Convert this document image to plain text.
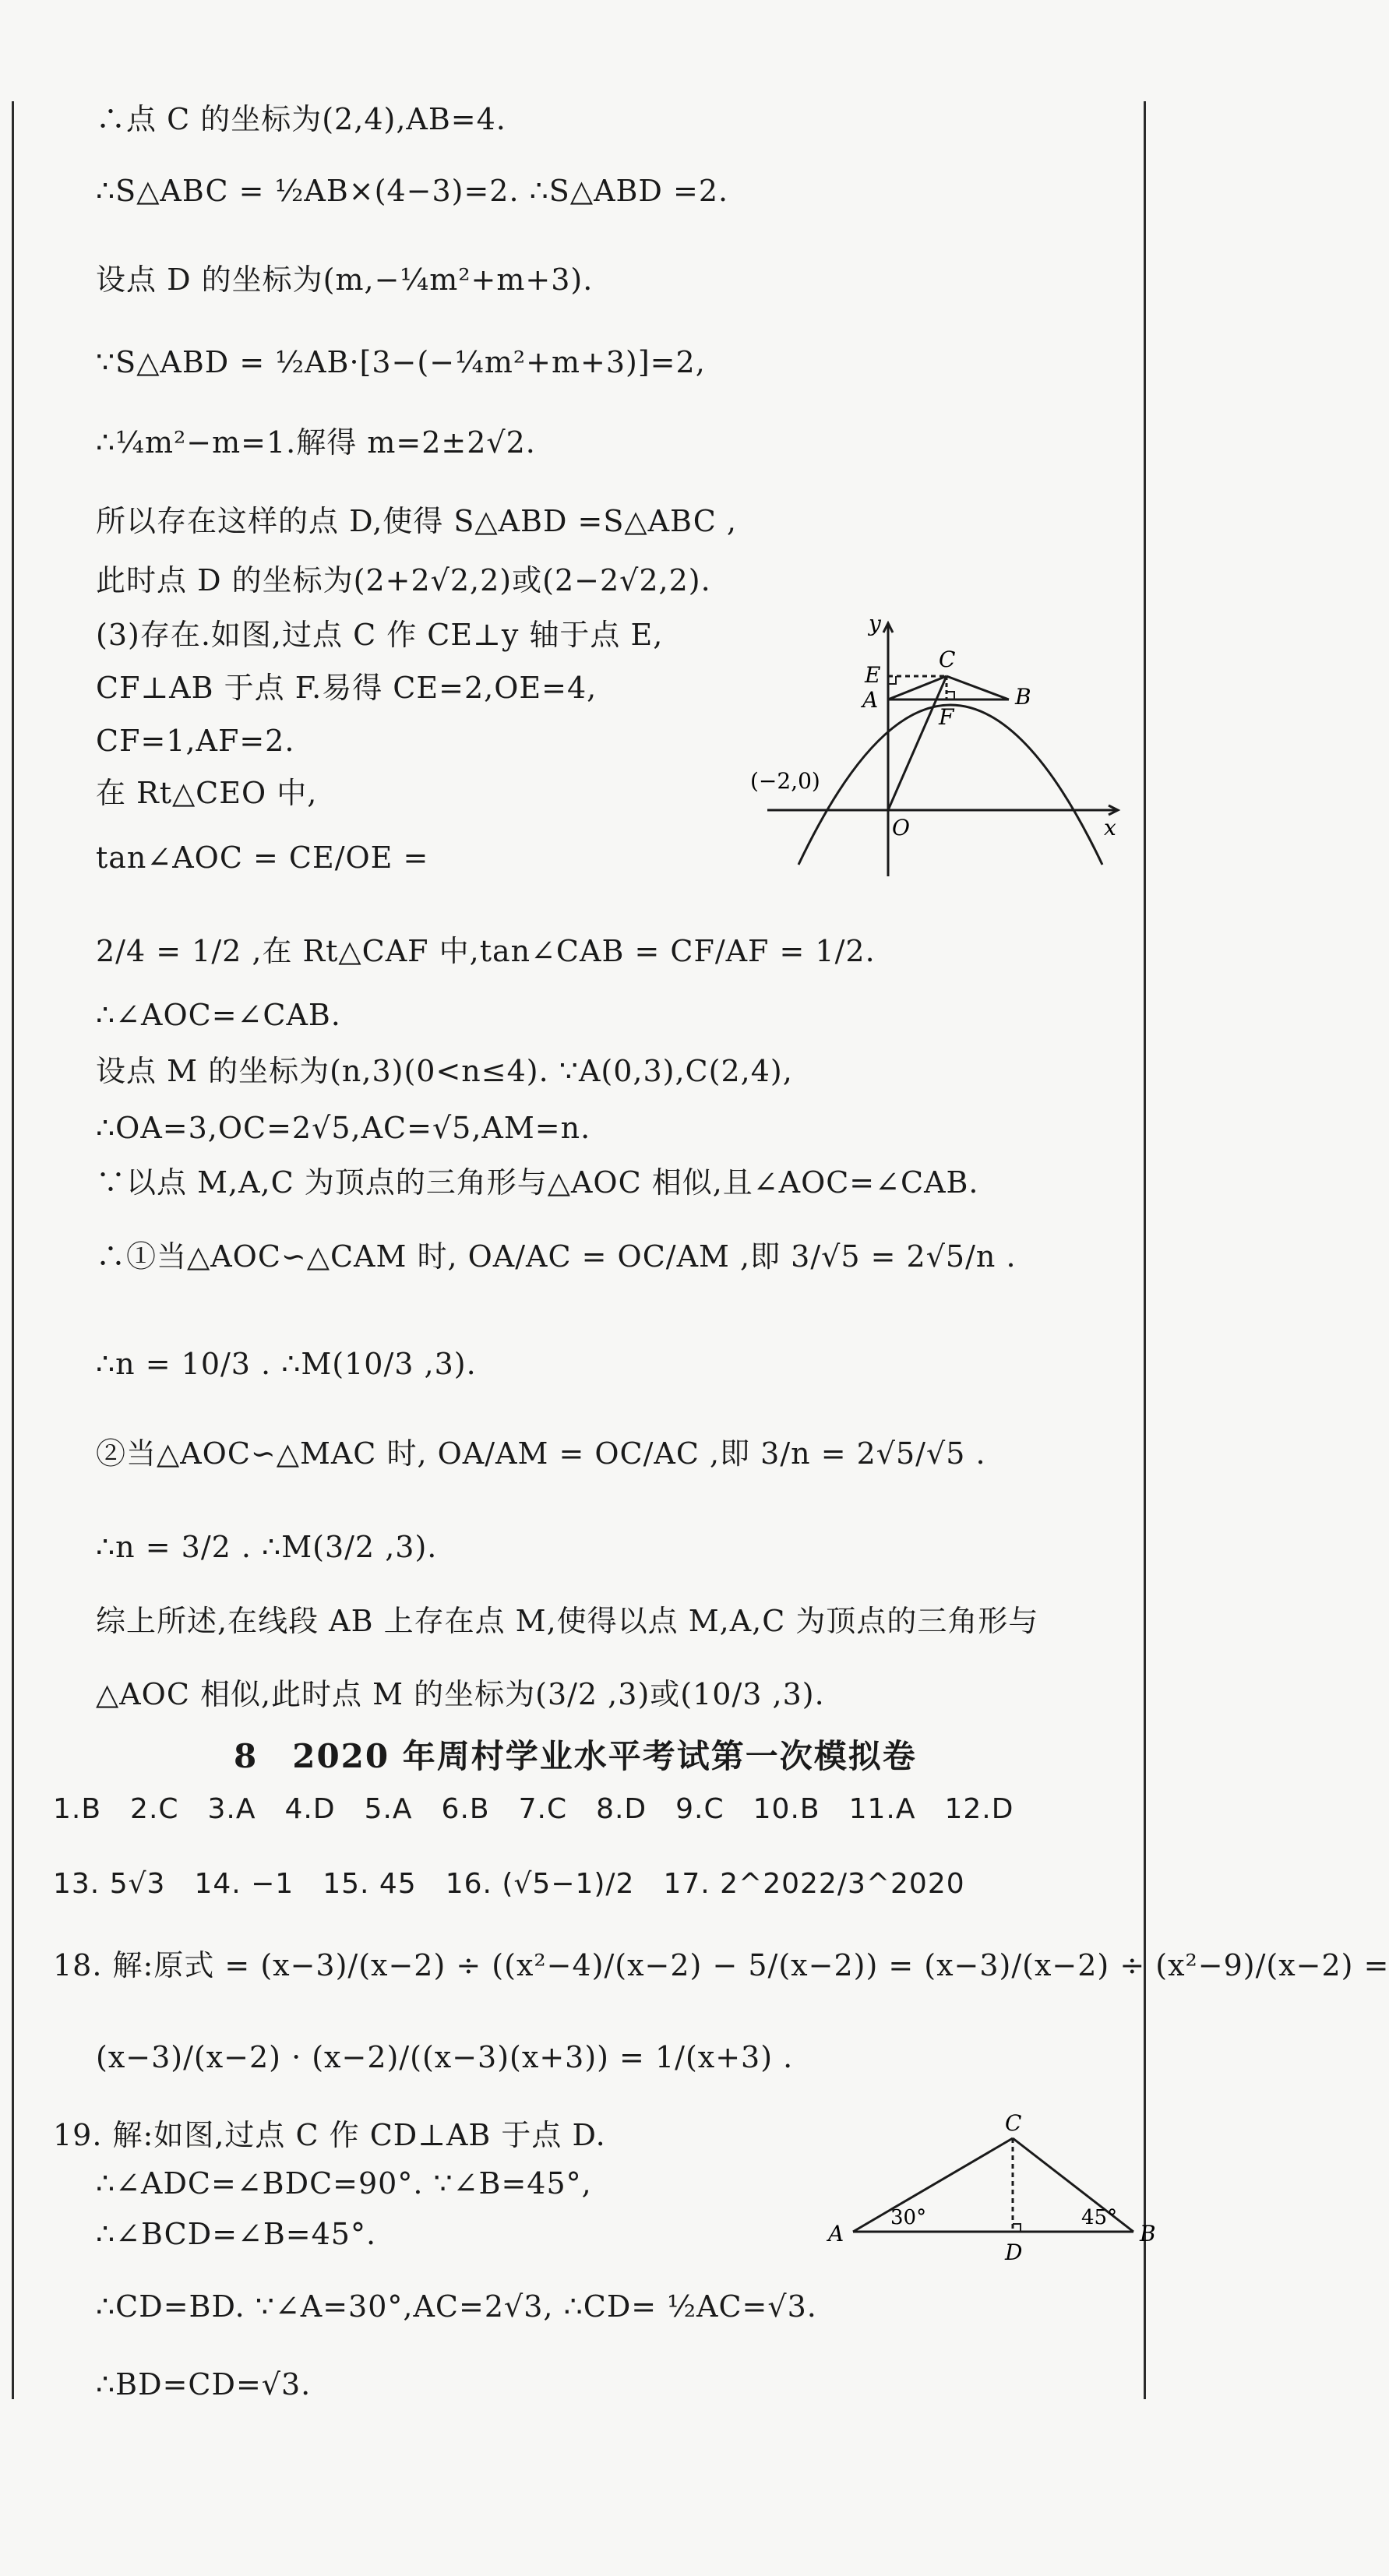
∴点 C 的坐标为(2,4),AB=4.
∴S△ABC = ½AB×(4−3)=2. ∴S△ABD =2.
设点 D 的坐标为(m,−¼m²+m+3).
∵S△ABD = ½AB·[3−(−¼m²+m+3)]=2,
∴¼m²−m=1.解得 m=2±2√2.
所以存在这样的点 D,使得 S△ABD =S△ABC ,
此时点 D 的坐标为(2+2√2,2)或(2−2√2,2).
(3)存在.如图,过点 C 作 CE⊥y 轴于点 E,
CF⊥AB 于点 F.易得 CE=2,OE=4,
CF=1,AF=2.
在 Rt△CEO 中,
tan∠AOC = CE/OE =
2/4 = 1/2 ,在 Rt△CAF 中,tan∠CAB = CF/AF = 1/2.
∴∠AOC=∠CAB.
设点 M 的坐标为(n,3)(0<n≤4). ∵A(0,3),C(2,4),
∴OA=3,OC=2√5,AC=√5,AM=n.
∵以点 M,A,C 为顶点的三角形与△AOC 相似,且∠AOC=∠CAB.
∴①当△AOC∽△CAM 时, OA/AC = OC/AM ,即 3/√5 = 2√5/n .
∴n = 10/3 . ∴M(10/3 ,3).
②当△AOC∽△MAC 时, OA/AM = OC/AC ,即 3/n = 2√5/√5 .
∴n = 3/2 . ∴M(3/2 ,3).
综上所述,在线段 AB 上存在点 M,使得以点 M,A,C 为顶点的三角形与
△AOC 相似,此时点 M 的坐标为(3/2 ,3)或(10/3 ,3).
8　2020 年周村学业水平考试第一次模拟卷
1.B　2.C　3.A　4.D　5.A　6.B　7.C　8.D　9.C　10.B　11.A　12.D
13. 5√3　14. −1　15. 45　16. (√5−1)/2　17. 2^2022/3^2020
18. 解:原式 = (x−3)/(x−2) ÷ ((x²−4)/(x−2) − 5/(x−2)) = (x−3)/(x−2) ÷ (x²−9)/(x−2) =
(x−3)/(x−2) · (x−2)/((x−3)(x+3)) = 1/(x+3) .
19. 解:如图,过点 C 作 CD⊥AB 于点 D.
∴∠ADC=∠BDC=90°. ∵∠B=45°,
∴∠BCD=∠B=45°.
∴CD=BD. ∵∠A=30°,AC=2√3, ∴CD= ½AC=√3.
∴BD=CD=√3.
y
E
C
A	B
F
(−2,0)
O	x
C
A
D
B
30°	45°
